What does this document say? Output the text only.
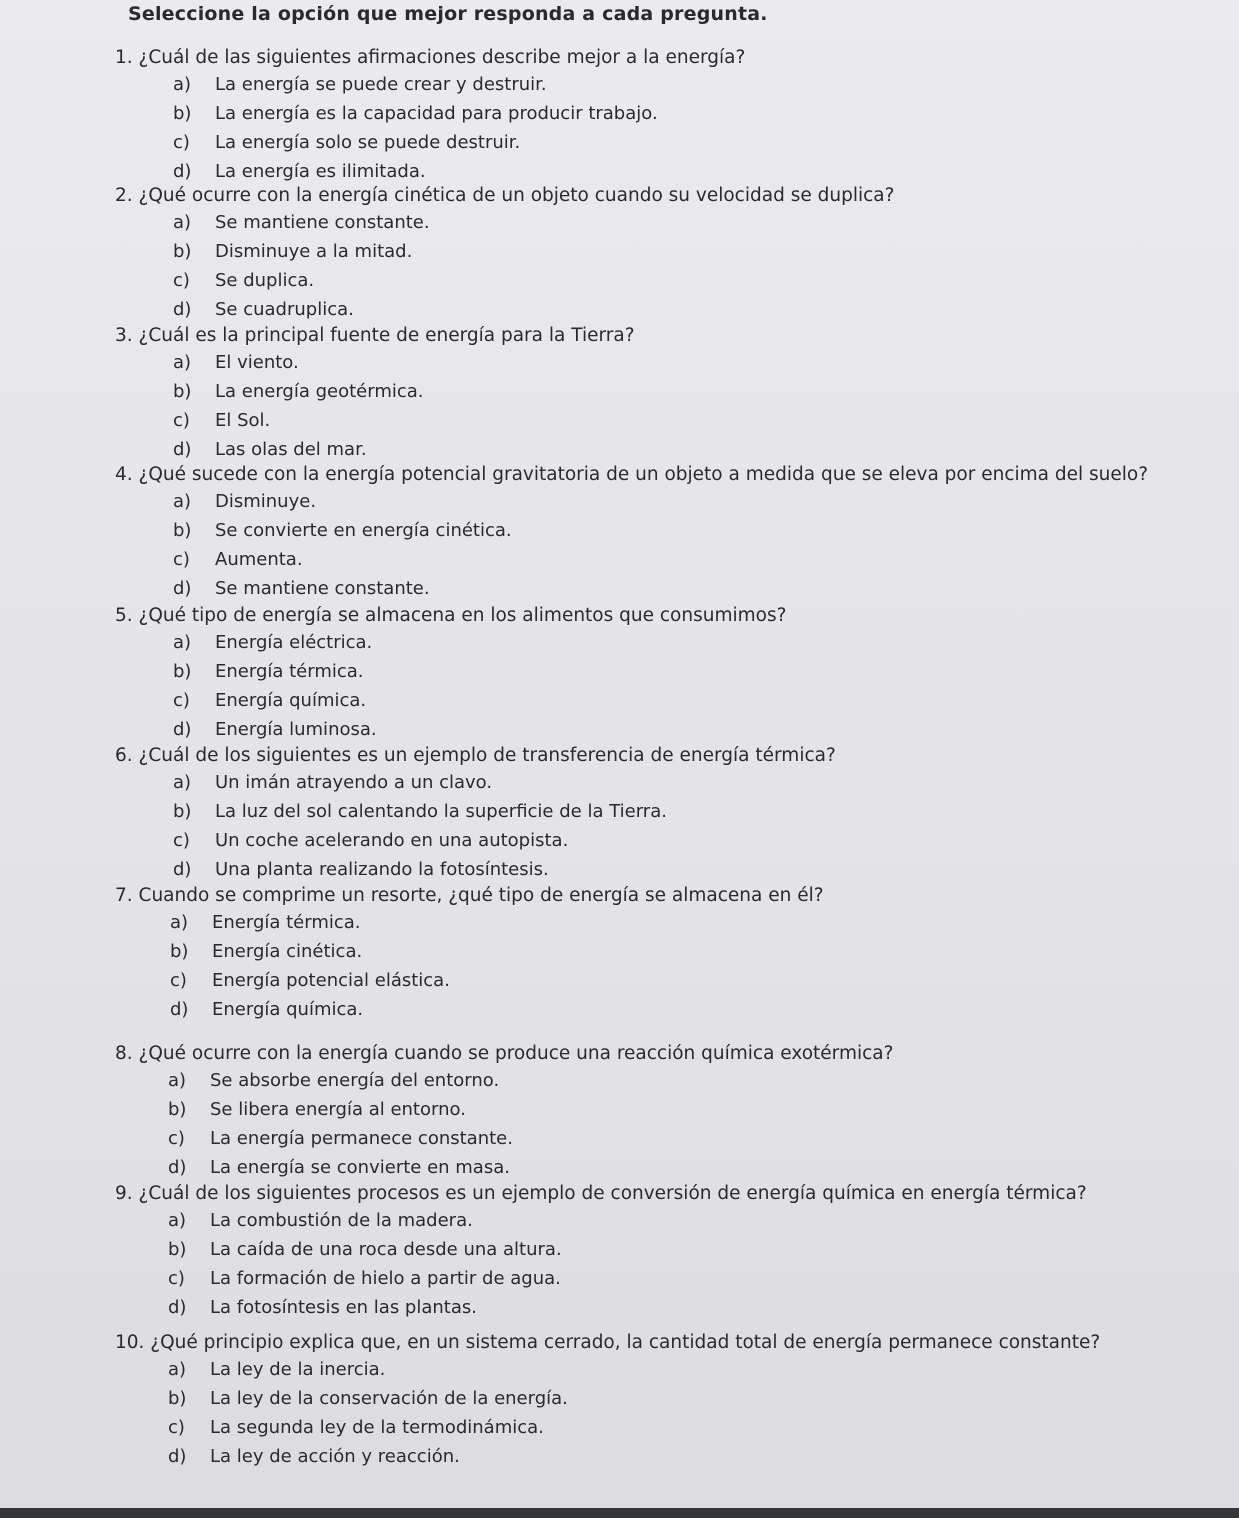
Seleccione la opción que mejor responda a cada pregunta.

1. ¿Cuál de las siguientes afirmaciones describe mejor a la energía?

a)	La energía se puede crear y destruir.
b)	La energía es la capacidad para producir trabajo.
c)	La energía solo se puede destruir.
d)	La energía es ilimitada.

2. ¿Qué ocurre con la energía cinética de un objeto cuando su velocidad se duplica?

a)	Se mantiene constante.
b)	Disminuye a la mitad.
c)	Se duplica.
d)	Se cuadruplica.

3. ¿Cuál es la principal fuente de energía para la Tierra?

a)	El viento.
b)	La energía geotérmica.
c)	El Sol.
d)	Las olas del mar.

4. ¿Qué sucede con la energía potencial gravitatoria de un objeto a medida que se eleva por encima del suelo?

a)	Disminuye.
b)	Se convierte en energía cinética.
c)	Aumenta.
d)	Se mantiene constante.

5. ¿Qué tipo de energía se almacena en los alimentos que consumimos?

a)	Energía eléctrica.
b)	Energía térmica.
c)	Energía química.
d)	Energía luminosa.

6. ¿Cuál de los siguientes es un ejemplo de transferencia de energía térmica?

a)	Un imán atrayendo a un clavo.
b)	La luz del sol calentando la superficie de la Tierra.
c)	Un coche acelerando en una autopista.
d)	Una planta realizando la fotosíntesis.

7. Cuando se comprime un resorte, ¿qué tipo de energía se almacena en él?

a)	Energía térmica.
b)	Energía cinética.
c)	Energía potencial elástica.
d)	Energía química.

8. ¿Qué ocurre con la energía cuando se produce una reacción química exotérmica?

a)	Se absorbe energía del entorno.
b)	Se libera energía al entorno.
c)	La energía permanece constante.
d)	La energía se convierte en masa.

9. ¿Cuál de los siguientes procesos es un ejemplo de conversión de energía química en energía térmica?

a)	La combustión de la madera.
b)	La caída de una roca desde una altura.
c)	La formación de hielo a partir de agua.
d)	La fotosíntesis en las plantas.

10. ¿Qué principio explica que, en un sistema cerrado, la cantidad total de energía permanece constante?

a)	La ley de la inercia.
b)	La ley de la conservación de la energía.
c)	La segunda ley de la termodinámica.
d)	La ley de acción y reacción.
